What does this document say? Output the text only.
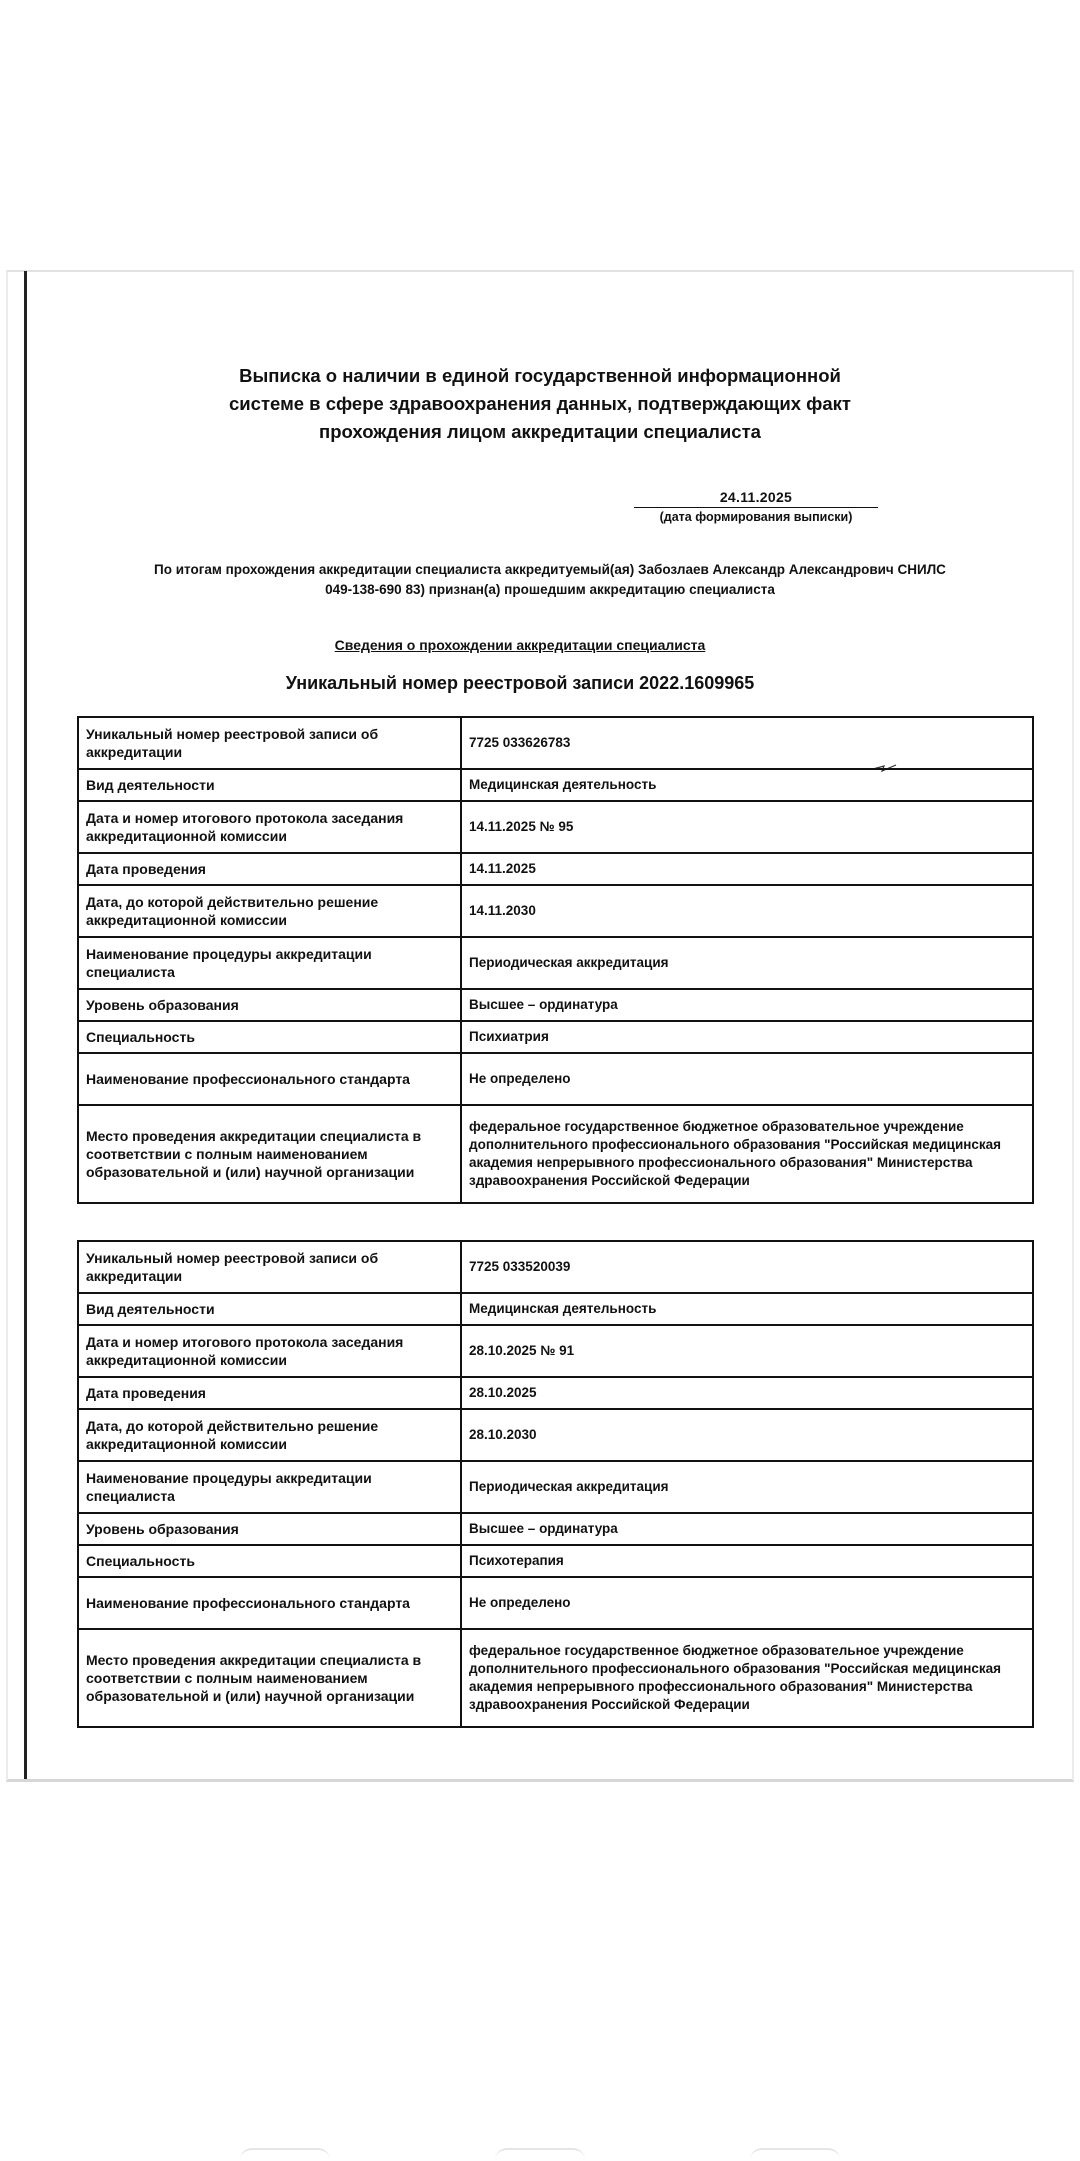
Выписка о наличии в единой государственной информационной
системе в сфере здравоохранения данных, подтверждающих факт
прохождения лицом аккредитации специалиста
24.11.2025
(дата формирования выписки)
По итогам прохождения аккредитации специалиста аккредитуемый(ая) Забозлаев Александр Александрович СНИЛС
049-138-690 83) признан(а) прошедшим аккредитацию специалиста
Сведения о прохождении аккредитации специалиста
Уникальный номер реестровой записи 2022.1609965
Уникальный номер реестровой записи об аккредитации	7725 033626783
Вид деятельности	Медицинская деятельность
Дата и номер итогового протокола заседания аккредитационной комиссии	14.11.2025 № 95
Дата проведения	14.11.2025
Дата, до которой действительно решение аккредитационной комиссии	14.11.2030
Наименование процедуры аккредитации специалиста	Периодическая аккредитация
Уровень образования	Высшее – ординатура
Специальность	Психиатрия
Наименование профессионального стандарта	Не определено
Место проведения аккредитации специалиста в соответствии с полным наименованием образовательной и (или) научной организации	федеральное государственное бюджетное образовательное учреждение дополнительного профессионального образования "Российская медицинская академия непрерывного профессионального образования" Министерства здравоохранения Российской Федерации
Уникальный номер реестровой записи об аккредитации	7725 033520039
Вид деятельности	Медицинская деятельность
Дата и номер итогового протокола заседания аккредитационной комиссии	28.10.2025 № 91
Дата проведения	28.10.2025
Дата, до которой действительно решение аккредитационной комиссии	28.10.2030
Наименование процедуры аккредитации специалиста	Периодическая аккредитация
Уровень образования	Высшее – ординатура
Специальность	Психотерапия
Наименование профессионального стандарта	Не определено
Место проведения аккредитации специалиста в соответствии с полным наименованием образовательной и (или) научной организации	федеральное государственное бюджетное образовательное учреждение дополнительного профессионального образования "Российская медицинская академия непрерывного профессионального образования" Министерства здравоохранения Российской Федерации
